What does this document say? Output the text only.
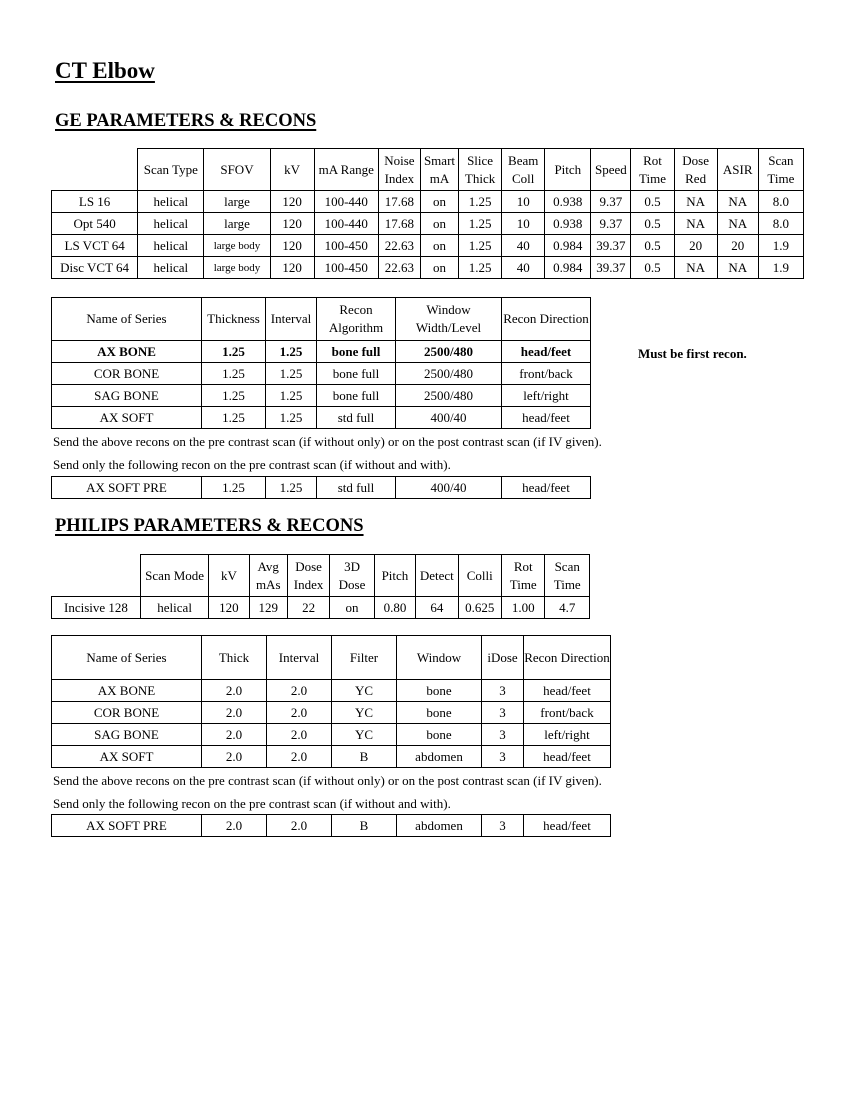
CT Elbow
GE PARAMETERS & RECONS
	Scan Type	SFOV	kV	mA Range	Noise Index	Smart mA	Slice Thick	Beam Coll	Pitch	Speed	Rot Time	Dose Red	ASIR	Scan Time
LS 16	helical	large	120	100-440	17.68	on	1.25	10	0.938	9.37	0.5	NA	NA	8.0
Opt 540	helical	large	120	100-440	17.68	on	1.25	10	0.938	9.37	0.5	NA	NA	8.0
LS VCT 64	helical	large body	120	100-450	22.63	on	1.25	40	0.984	39.37	0.5	20	20	1.9
Disc VCT 64	helical	large body	120	100-450	22.63	on	1.25	40	0.984	39.37	0.5	NA	NA	1.9
Name of Series	Thickness	Interval	Recon Algorithm	Window Width/Level	Recon Direction
AX BONE	1.25	1.25	bone full	2500/480	head/feet
COR BONE	1.25	1.25	bone full	2500/480	front/back
SAG BONE	1.25	1.25	bone full	2500/480	left/right
AX SOFT	1.25	1.25	std full	400/40	head/feet
Must be first recon.
Send the above recons on the pre contrast scan (if without only) or on the post contrast scan (if IV given).
Send only the following recon on the pre contrast scan (if without and with).
AX SOFT PRE	1.25	1.25	std full	400/40	head/feet
PHILIPS PARAMETERS & RECONS
	Scan Mode	kV	Avg mAs	Dose Index	3D Dose	Pitch	Detect	Colli	Rot Time	Scan Time
Incisive 128	helical	120	129	22	on	0.80	64	0.625	1.00	4.7
Name of Series	Thick	Interval	Filter	Window	iDose	Recon Direction
AX BONE	2.0	2.0	YC	bone	3	head/feet
COR BONE	2.0	2.0	YC	bone	3	front/back
SAG BONE	2.0	2.0	YC	bone	3	left/right
AX SOFT	2.0	2.0	B	abdomen	3	head/feet
Send the above recons on the pre contrast scan (if without only) or on the post contrast scan (if IV given).
Send only the following recon on the pre contrast scan (if without and with).
AX SOFT PRE	2.0	2.0	B	abdomen	3	head/feet
